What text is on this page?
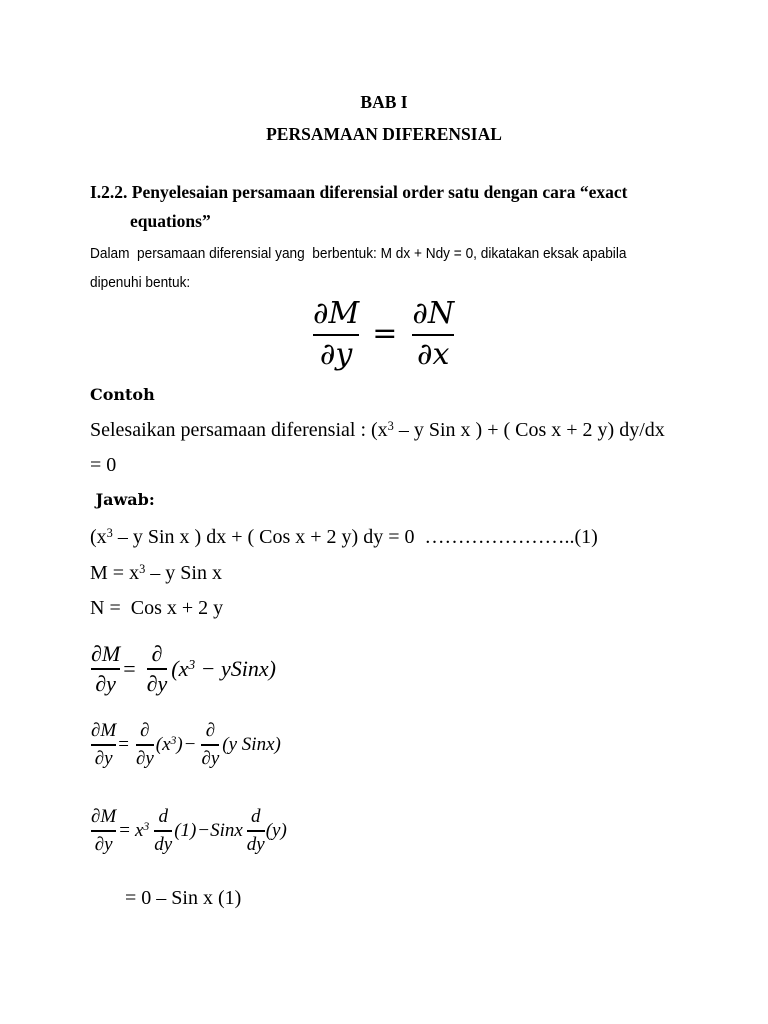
BAB I
PERSAMAAN DIFERENSIAL
I.2.2. Penyelesaian persamaan diferensial order satu dengan cara “exact
equations”
Dalam  persamaan diferensial yang  berbentuk: M dx + Ndy = 0, dikatakan eksak apabila
dipenuhi bentuk:
$\frac{\partial M}{\partial y} = \frac{\partial N}{\partial x}$
Contoh
Selesaikan persamaan diferensial : ($x^3$ – y Sin x ) + ( Cos x + 2 y) dy/dx
= 0
Jawab:
($x^3$ – y Sin x ) dx + ( Cos x + 2 y) dy = 0  …………………..(1)
$M = x^3 - y$ Sin x
N =  Cos x + 2 y
$\frac{\partial M}{\partial y} = \frac{\partial}{\partial y} (x^3$ − ySinx)
$\frac{\partial M}{\partial y} = \frac{\partial}{\partial y} (x^3) - \frac{\partial}{\partial y} (y$ Sinx)
$\frac{\partial M}{\partial y} = x^3 \frac{d}{dy} (1)$ − Sinx $\frac{d}{dy} (y)$
= 0 – Sin x (1)
